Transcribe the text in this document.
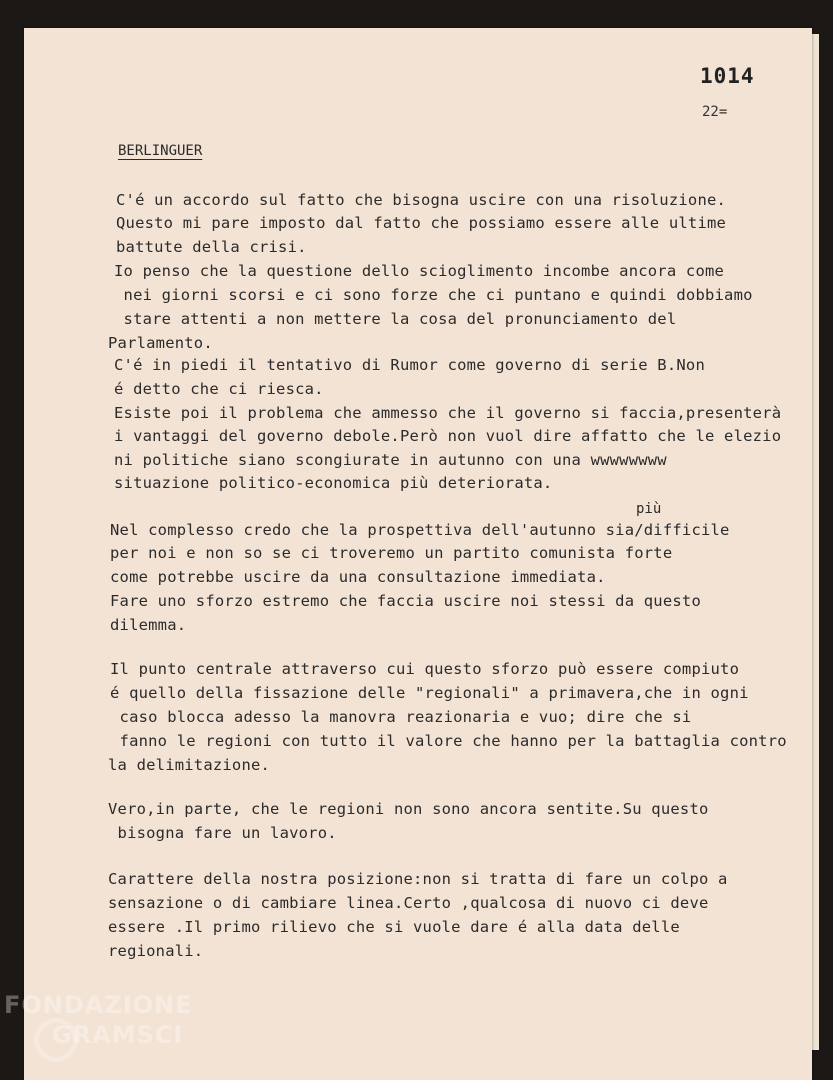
1014
22=
BERLINGUER
C'é un accordo sul fatto che bisogna uscire con una risoluzione.
Questo mi pare imposto dal fatto che possiamo essere alle ultime
battute della crisi.
Io penso che la questione dello scioglimento incombe ancora come
nei giorni scorsi e ci sono forze che ci puntano e quindi dobbiamo
stare attenti a non mettere la cosa del pronunciamento del
Parlamento.
C'é in piedi il tentativo di Rumor come governo di serie B.Non
é detto che ci riesca.
Esiste poi il problema che ammesso che il governo si faccia,presenterà
i vantaggi del governo debole.Però non vuol dire affatto che le elezio
ni politiche siano scongiurate in autunno con una wwwwwwww
situazione politico-economica più deteriorata.
più
Nel complesso credo che la prospettiva dell'autunno sia/difficile
per noi e non so se ci troveremo un partito comunista forte
come potrebbe uscire da una consultazione immediata.
Fare uno sforzo estremo che faccia uscire noi stessi da questo
dilemma.
Il punto centrale attraverso cui questo sforzo può essere compiuto
é quello della fissazione delle "regionali" a primavera,che in ogni
caso blocca adesso la manovra reazionaria e vuo; dire che si
fanno le regioni con tutto il valore che hanno per la battaglia contro
la delimitazione.
Vero,in parte, che le regioni non sono ancora sentite.Su questo
bisogna fare un lavoro.
Carattere della nostra posizione:non si tratta di fare un colpo a
sensazione o di cambiare linea.Certo ,qualcosa di nuovo ci deve
essere .Il primo rilievo che si vuole dare é alla data delle
regionali.
FONDAZIONE
GRAMSCI
